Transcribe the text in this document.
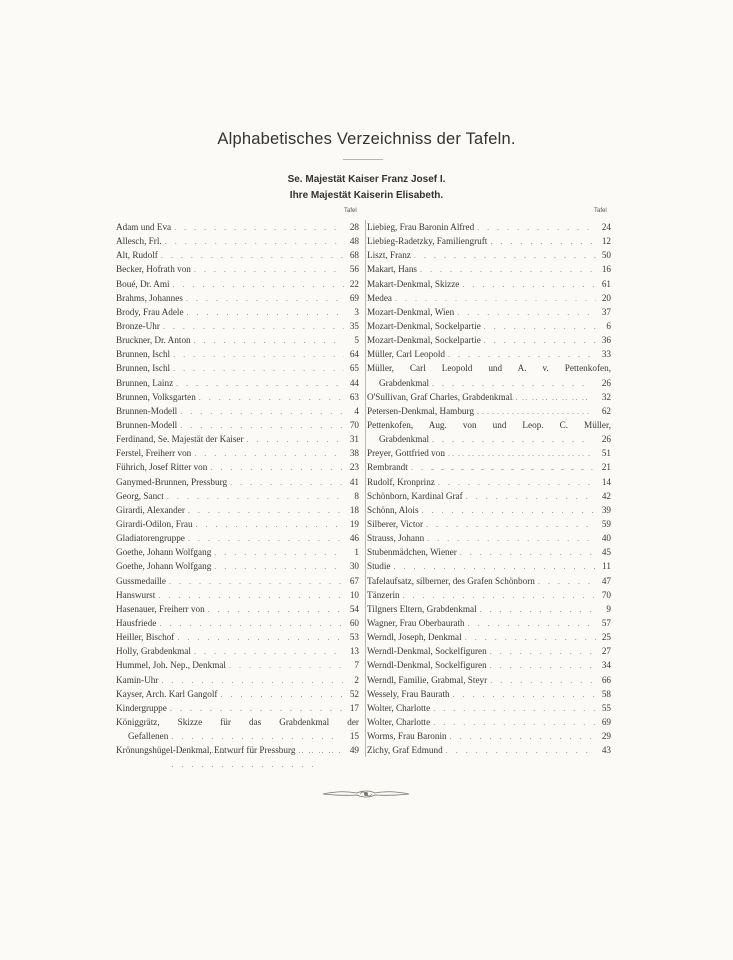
Alphabetisches Verzeichniss der Tafeln.
Se. Majestät Kaiser Franz Josef I.
Ihre Majestät Kaiserin Elisabeth.
Tafel	Tafel
Adam und Eva . . .	28
Allesch, Frl. . . .	48
Alt, Rudolf . . .	68
Becker, Hofrath von . . .	56
Boué, Dr. Ami . . .	22
Brahms, Johannes . . .	69
Brody, Frau Adele . . .	3
Bronze-Uhr . . .	35
Bruckner, Dr. Anton . . .	5
Brunnen, Ischl . . .	64
Brunnen, Ischl . . .	65
Brunnen, Lainz . . .	44
Brunnen, Volksgarten . . .	63
Brunnen-Modell . . .	4
Brunnen-Modell . . .	70
Ferdinand, Se. Majestät der Kaiser . . .	31
Ferstel, Freiherr von . . .	38
Führich, Josef Ritter von . . .	23
Ganymed-Brunnen, Pressburg . . .	41
Georg, Sanct . . .	8
Girardi, Alexander . . .	18
Girardi-Odilon, Frau . . .	19
Gladiatorengruppe . . .	46
Goethe, Johann Wolfgang . . .	1
Goethe, Johann Wolfgang . . .	30
Gussmedaille . . .	67
Hanswurst . . .	10
Hasenauer, Freiherr von . . .	54
Hausfriede . . .	60
Heiller, Bischof . . .	53
Holly, Grabdenkmal . . .	13
Hummel, Joh. Nep., Denkmal . . .	7
Kamin-Uhr . . .	2
Kayser, Arch. Karl Gangolf . . .	52
Kindergruppe . . .	17
Königgrätz, Skizze für das Grabdenkmal der
Gefallenen . . .	15
Krönungshügel-Denkmal, Entwurf für Pressburg . . .	49
Liebieg, Frau Baronin Alfred . . .	24
Liebieg-Radetzky, Familiengruft . . .	12
Liszt, Franz . . .	50
Makart, Hans . . .	16
Makart-Denkmal, Skizze . . .	61
Medea . . .	20
Mozart-Denkmal, Wien . . .	37
Mozart-Denkmal, Sockelpartie . . .	6
Mozart-Denkmal, Sockelpartie . . .	36
Müller, Carl Leopold . . .	33
Müller, Carl Leopold und A. v. Pettenkofen,
Grabdenkmal . . .	26
O'Sullivan, Graf Charles, Grabdenkmal . . .	32
Petersen-Denkmal, Hamburg . . .	62
Pettenkofen, Aug. von und Leop. C. Müller,
Grabdenkmal . . .	26
Preyer, Gottfried von . . .	51
Rembrandt . . .	21
Rudolf, Kronprinz . . .	14
Schönborn, Kardinal Graf . . .	42
Schönn, Alois . . .	39
Silberer, Victor . . .	59
Strauss, Johann . . .	40
Stubenmädchen, Wiener . . .	45
Studie . . .	11
Tafelaufsatz, silberner, des Grafen Schönborn . . .	47
Tänzerin . . .	70
Tilgners Eltern, Grabdenkmal . . .	9
Wagner, Frau Oberbaurath . . .	57
Werndl, Joseph, Denkmal . . .	25
Werndl-Denkmal, Sockelfiguren . . .	27
Werndl-Denkmal, Sockelfiguren . . .	34
Werndl, Familie, Grabmal, Steyr . . .	66
Wessely, Frau Baurath . . .	58
Wolter, Charlotte . . .	55
Wolter, Charlotte . . .	69
Worms, Frau Baronin . . .	29
Zichy, Graf Edmund . . .	43
